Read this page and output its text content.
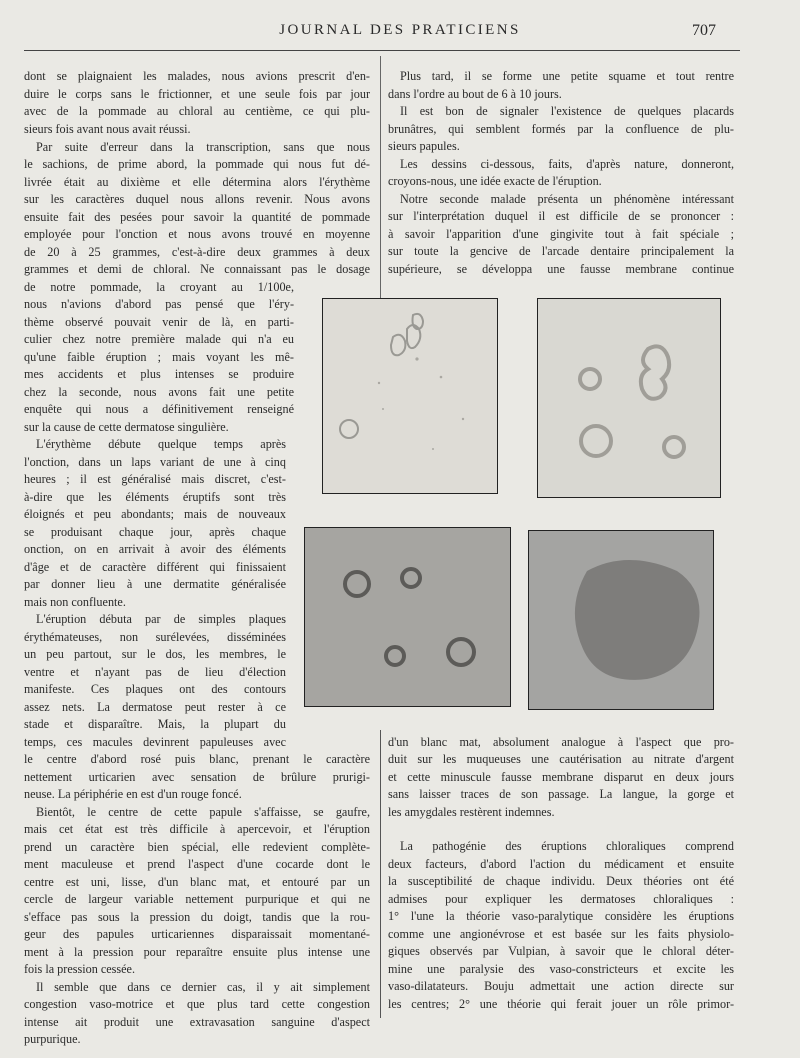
JOURNAL DES PRATICIENS	707

dont se plaignaient les malades, nous avions prescrit d'en-

duire le corps sans le frictionner, et une seule fois par jour

avec de la pommade au chloral au centième, ce qui plu-

sieurs fois avant nous avait réussi.

Par suite d'erreur dans la transcription, sans que nous

le sachions, de prime abord, la pommade qui nous fut dé-

livrée était au dixième et elle détermina alors l'érythème

sur les caractères duquel nous allons revenir. Nous avons

ensuite fait des pesées pour savoir la quantité de pommade

employée pour l'onction et nous avons trouvé en moyenne

de 20 à 25 grammes, c'est-à-dire deux grammes à deux

grammes et demi de chloral. Ne connaissant pas le dosage

de notre pommade, la croyant au 1/100e,

nous n'avions d'abord pas pensé que l'éry-

thème observé pouvait venir de là, en parti-

culier chez notre première malade qui n'a eu

qu'une faible éruption ; mais voyant les mê-

mes accidents et plus intenses se produire

chez la seconde, nous avons fait une petite

enquête qui nous a définitivement renseigné

sur la cause de cette dermatose singulière.

L'érythème débute quelque temps après

l'onction, dans un laps variant de une à cinq

heures ; il est généralisé mais discret, c'est-

à-dire que les éléments éruptifs sont très

éloignés et peu abondants; mais de nouveaux

se produisant chaque jour, après chaque

onction, on en arrivait à avoir des éléments

d'âge et de caractère différent qui finissaient

par donner lieu à une dermatite généralisée

mais non confluente.

L'éruption débuta par de simples plaques

érythémateuses, non surélevées, disséminées

un peu partout, sur le dos, les membres, le

ventre et n'ayant pas de lieu d'élection

manifeste. Ces plaques ont des contours

assez nets. La dermatose peut rester à ce

stade et disparaître. Mais, la plupart du

temps, ces macules devinrent papuleuses avec

le centre d'abord rosé puis blanc, prenant le caractère

nettement urticarien avec sensation de brûlure prurigi-

neuse. La périphérie en est d'un rouge foncé.

Bientôt, le centre de cette papule s'affaisse, se gaufre,

mais cet état est très difficile à apercevoir, et l'éruption

prend un caractère bien spécial, elle redevient complète-

ment maculeuse et prend l'aspect d'une cocarde dont le

centre est uni, lisse, d'un blanc mat, et entouré par un

cercle de largeur variable nettement purpurique et qui ne

s'efface pas sous la pression du doigt, tandis que la rou-

geur des papules urticariennes disparaissait momentané-

ment à la pression pour reparaître ensuite plus intense une

fois la pression cessée.

Il semble que dans ce dernier cas, il y ait simplement

congestion vaso-motrice et que plus tard cette congestion

intense ait produit une extravasation sanguine d'aspect

purpurique.

Plus tard, il se forme une petite squame et tout rentre

dans l'ordre au bout de 6 à 10 jours.

Il est bon de signaler l'existence de quelques placards

brunâtres, qui semblent formés par la confluence de plu-

sieurs papules.

Les dessins ci-dessous, faits, d'après nature, donneront,

croyons-nous, une idée exacte de l'éruption.

Notre seconde malade présenta un phénomène intéressant

sur l'interprétation duquel il est difficile de se prononcer :

à savoir l'apparition d'une gingivite tout à fait spéciale ;

sur toute la gencive de l'arcade dentaire principalement la

supérieure, se développa une fausse membrane continue

d'un blanc mat, absolument analogue à l'aspect que pro-

duit sur les muqueuses une cautérisation au nitrate d'argent

et cette minuscule fausse membrane disparut en deux jours

sans laisser traces de son passage. La langue, la gorge et

les amygdales restèrent indemnes.

La pathogénie des éruptions chloraliques comprend

deux facteurs, d'abord l'action du médicament et ensuite

la susceptibilité de chaque individu. Deux théories ont été

admises pour expliquer les dermatoses chloraliques :

1° l'une la théorie vaso-paralytique considère les éruptions

comme une angionévrose et est basée sur les faits physiolo-

giques observés par Vulpian, à savoir que le chloral déter-

mine une paralysie des vaso-constricteurs et excite les

vaso-dilatateurs. Bouju admettait une action directe sur

les centres; 2° une théorie qui ferait jouer un rôle primor-
